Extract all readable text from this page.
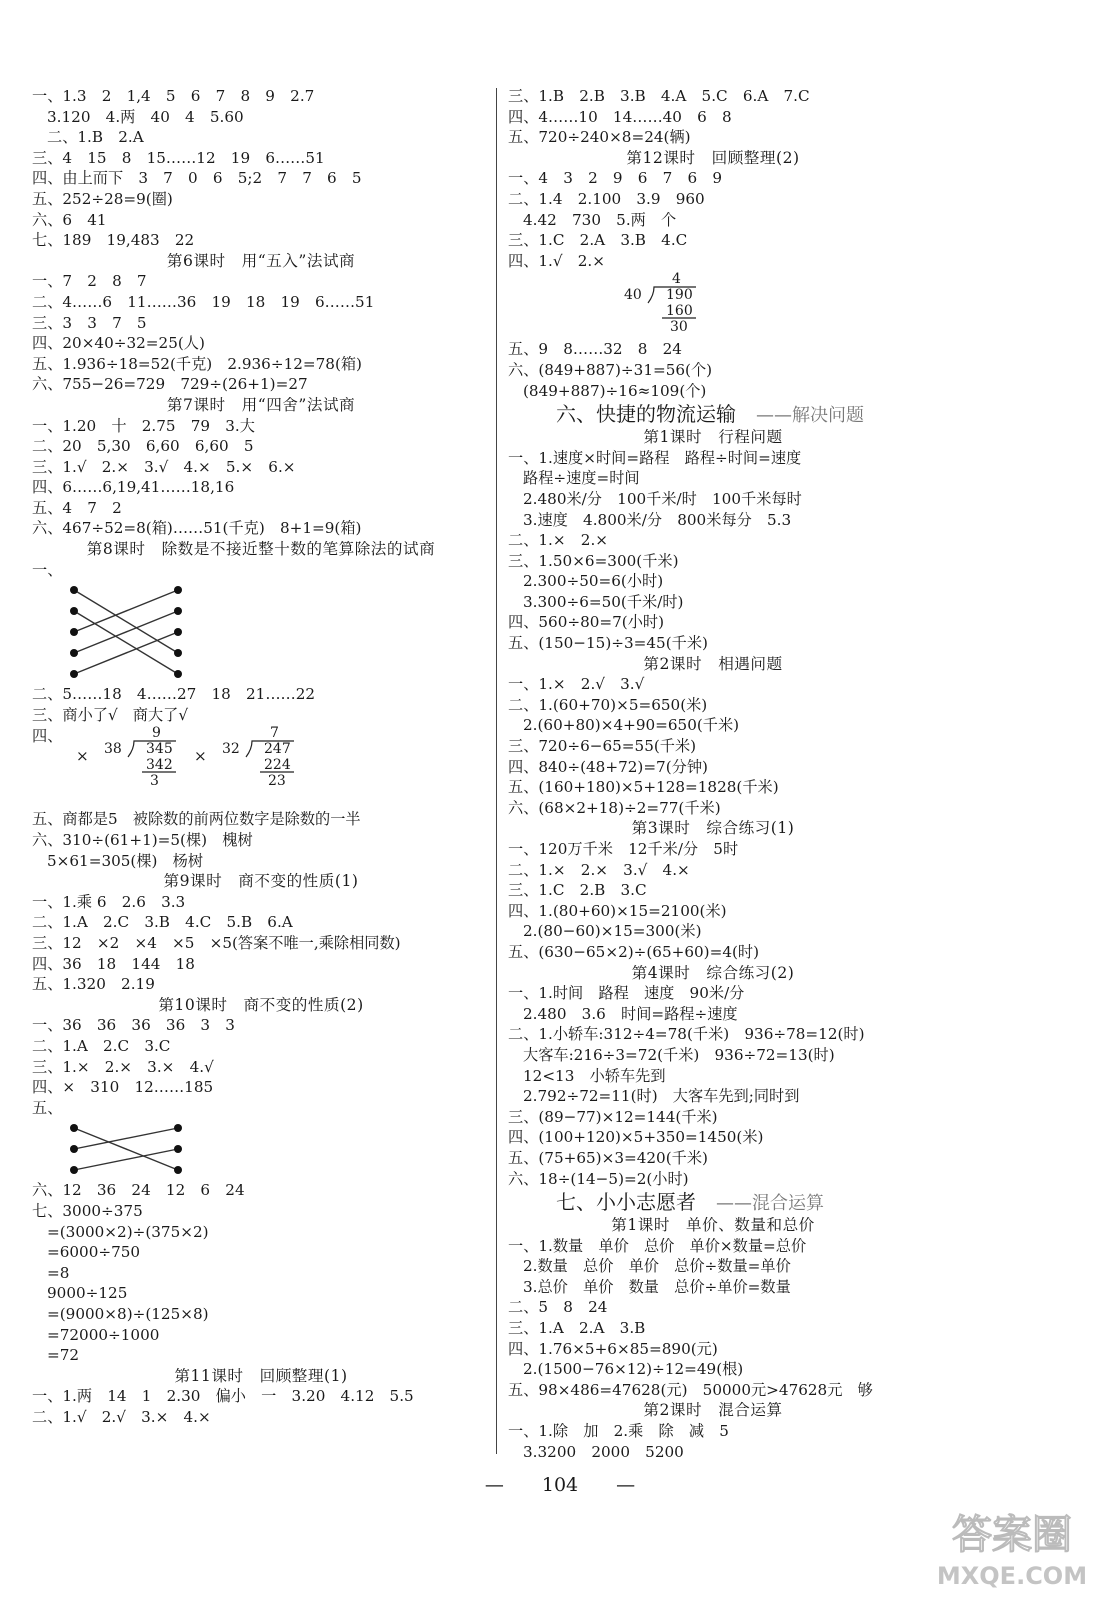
一、1.3　2　1,4　5　6　7　8　9　2.7
3.120　4.两　40　4　5.60
二、1.B　2.A
三、4　15　8　15……12　19　6……51
四、由上而下　3　7　0　6　5;2　7　7　6　5
五、252÷28=9(圈)
六、6　41
七、189　19,483　22
第6课时　用“五入”法试商
一、7　2　8　7
二、4……6　11……36　19　18　19　6……51
三、3　3　7　5
四、20×40÷32=25(人)
五、1.936÷18=52(千克)　2.936÷12=78(箱)
六、755−26=729　729÷(26+1)=27
第7课时　用“四舍”法试商
一、1.20　十　2.75　79　3.大
二、20　5,30　6,60　6,60　5
三、1.√　2.×　3.√　4.×　5.×　6.×
四、6……6,19,41……18,16
五、4　7　2
六、467÷52=8(箱)……51(千克)　8+1=9(箱)
第8课时　除数是不接近整十数的笔算除法的试商
一、
二、5……18　4……27　18　21……22
三、商小了√　商大了√
四、
×	×
9
345
342
3
38
7
247
224
23
32
五、商都是5　被除数的前两位数字是除数的一半
六、310÷(61+1)=5(棵)　槐树
5×61=305(棵)　杨树
第9课时　商不变的性质(1)
一、1.乘 6　2.6　3.3
二、1.A　2.C　3.B　4.C　5.B　6.A
三、12　×2　×4　×5　×5(答案不唯一,乘除相同数)
四、36　18　144　18
五、1.320　2.19
第10课时　商不变的性质(2)
一、36　36　36　36　3　3
二、1.A　2.C　3.C
三、1.×　2.×　3.×　4.√
四、×　310　12……185
五、
六、12　36　24　12　6　24
七、3000÷375
=(3000×2)÷(375×2)
=6000÷750
=8
9000÷125
=(9000×8)÷(125×8)
=72000÷1000
=72
第11课时　回顾整理(1)
一、1.两　14　1　2.30　偏小　一　3.20　4.12　5.5
二、1.√　2.√　3.×　4.×
三、1.B　2.B　3.B　4.A　5.C　6.A　7.C
四、4……10　14……40　6　8
五、720÷240×8=24(辆)
第12课时　回顾整理(2)
一、4　3　2　9　6　7　6　9
二、1.4　2.100　3.9　960
4.42　730　5.两　个
三、1.C　2.A　3.B　4.C
四、1.√　2.×
4
190
160
30
40
五、9　8……32　8　24
六、(849+887)÷31=56(个)
(849+887)÷16≈109(个)
六、快捷的物流运输　 ——解决问题
第1课时　行程问题
一、1.速度×时间=路程　路程÷时间=速度
路程÷速度=时间
2.480米/分　100千米/时　100千米每时
3.速度　4.800米/分　800米每分　5.3
二、1.×　2.×
三、1.50×6=300(千米)
2.300÷50=6(小时)
3.300÷6=50(千米/时)
四、560÷80=7(小时)
五、(150−15)÷3=45(千米)
第2课时　相遇问题
一、1.×　2.√　3.√
二、1.(60+70)×5=650(米)
2.(60+80)×4+90=650(千米)
三、720÷6−65=55(千米)
四、840÷(48+72)=7(分钟)
五、(160+180)×5+128=1828(千米)
六、(68×2+18)÷2=77(千米)
第3课时　综合练习(1)
一、120万千米　12千米/分　5时
二、1.×　2.×　3.√　4.×
三、1.C　2.B　3.C
四、1.(80+60)×15=2100(米)
2.(80−60)×15=300(米)
五、(630−65×2)÷(65+60)=4(时)
第4课时　综合练习(2)
一、1.时间　路程　速度　90米/分
2.480　3.6　时间=路程÷速度
二、1.小轿车:312÷4=78(千米)　936÷78=12(时)
大客车:216÷3=72(千米)　936÷72=13(时)
12<13　小轿车先到
2.792÷72=11(时)　大客车先到;同时到
三、(89−77)×12=144(千米)
四、(100+120)×5+350=1450(米)
五、(75+65)×3=420(千米)
六、18÷(14−5)=2(小时)
七、小小志愿者　 ——混合运算
第1课时　单价、数量和总价
一、1.数量　单价　总价　单价×数量=总价
2.数量　总价　单价　总价÷数量=单价
3.总价　单价　数量　总价÷单价=数量
二、5　8　24
三、1.A　2.A　3.B
四、1.76×5+6×85=890(元)
2.(1500−76×12)÷12=49(根)
五、98×486=47628(元)　50000元>47628元　够
第2课时　混合运算
一、1.除　加　2.乘　除　减　5
3.3200　2000　5200
—　　 104　　 —
答案圈
MXQE.COM
